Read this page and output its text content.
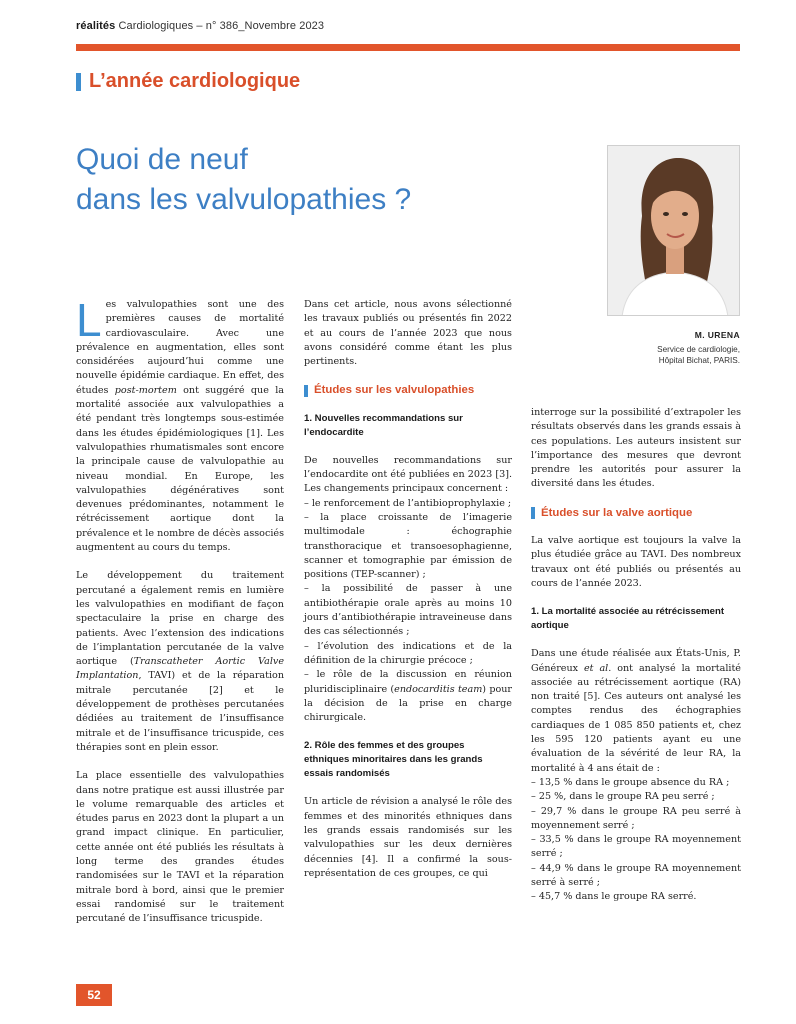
réalités Cardiologiques – n° 386_Novembre 2023
L’année cardiologique
Quoi de neuf
dans les valvulopathies ?
M. URENA
Service de cardiologie,
Hôpital Bichat, PARIS.

Les valvulopathies sont une des premières causes de mortalité cardiovasculaire. Avec une prévalence en augmentation, elles sont considérées aujourd’hui comme une nouvelle épidémie cardiaque. En effet, des études post-mortem ont suggéré que la mortalité associée aux valvulopathies a été pendant très longtemps sous-estimée dans les études épidémiologiques [1]. Les valvulopathies rhumatismales sont encore la principale cause de valvulopathie au niveau mondial. En Europe, les valvulopathies dégénératives sont devenues prédominantes, notamment le rétrécissement aortique dont la prévalence et le nombre de décès associés augmentent au cours du temps.

Le développement du traitement percutané a également remis en lumière les valvulopathies en modifiant de façon spectaculaire la prise en charge des patients. Avec l’extension des indications de l’implantation percutanée de la valve aortique (Transcatheter Aortic Valve Implantation, TAVI) et de la réparation mitrale percutanée [2] et le développement de prothèses percutanées dédiées au traitement de l’insuffisance mitrale et de l’insuffisance tricuspide, ces thérapies sont en plein essor.

La place essentielle des valvulopathies dans notre pratique est aussi illustrée par le volume remarquable des articles et études parus en 2023 dont la plupart a un grand impact clinique. En particulier, cette année ont été publiés les résultats à long terme des grandes études randomisées sur le TAVI et la réparation mitrale bord à bord, ainsi que le premier essai randomisé sur le traitement percutané de l’insuffisance tricuspide.

Dans cet article, nous avons sélectionné les travaux publiés ou présentés fin 2022 et au cours de l’année 2023 que nous avons considéré comme étant les plus pertinents.

Études sur les valvulopathies
1. Nouvelles recommandations sur l’endocardite

De nouvelles recommandations sur l’endocardite ont été publiées en 2023 [3]. Les changements principaux concernent :

– le renforcement de l’antibioprophylaxie ;
– la place croissante de l’imagerie multimodale : échographie transthoracique et transoesophagienne, scanner et tomographie par émission de positions (TEP-scanner) ;
– la possibilité de passer à une antibiothérapie orale après au moins 10 jours d’antibiothérapie intraveineuse dans des cas sélectionnés ;
– l’évolution des indications et de la définition de la chirurgie précoce ;

– le rôle de la discussion en réunion pluridisciplinaire (endocarditis team) pour la décision de la prise en charge chirurgicale.

2. Rôle des femmes et des groupes ethniques minoritaires dans les grands essais randomisés

Un article de révision a analysé le rôle des femmes et des minorités ethniques dans les grands essais randomisés sur les valvulopathies sur les deux dernières décennies [4]. Il a confirmé la sous-représentation de ces groupes, ce qui

interroge sur la possibilité d’extrapoler les résultats observés dans les grands essais à ces populations. Les auteurs insistent sur l’importance des mesures que devront prendre les autorités pour assurer la diversité dans les études.

Études sur la valve aortique

La valve aortique est toujours la valve la plus étudiée grâce au TAVI. Des nombreux travaux ont été publiés ou présentés au cours de l’année 2023.

1. La mortalité associée au rétrécissement aortique

Dans une étude réalisée aux États-Unis, P. Généreux et al. ont analysé la mortalité associée au rétrécissement aortique (RA) non traité [5]. Ces auteurs ont analysé les comptes rendus des échographies cardiaques de 1 085 850 patients et, chez les 595 120 patients ayant eu une évaluation de la sévérité de leur RA, la mortalité à 4 ans était de :

– 13,5 % dans le groupe absence du RA ;
– 25 %, dans le groupe RA peu serré ;
– 29,7 % dans le groupe RA peu serré à moyennement serré ;
– 33,5 % dans le groupe RA moyennement serré ;
– 44,9 % dans le groupe RA moyennement serré à serré ;
– 45,7 % dans le groupe RA serré.
52
